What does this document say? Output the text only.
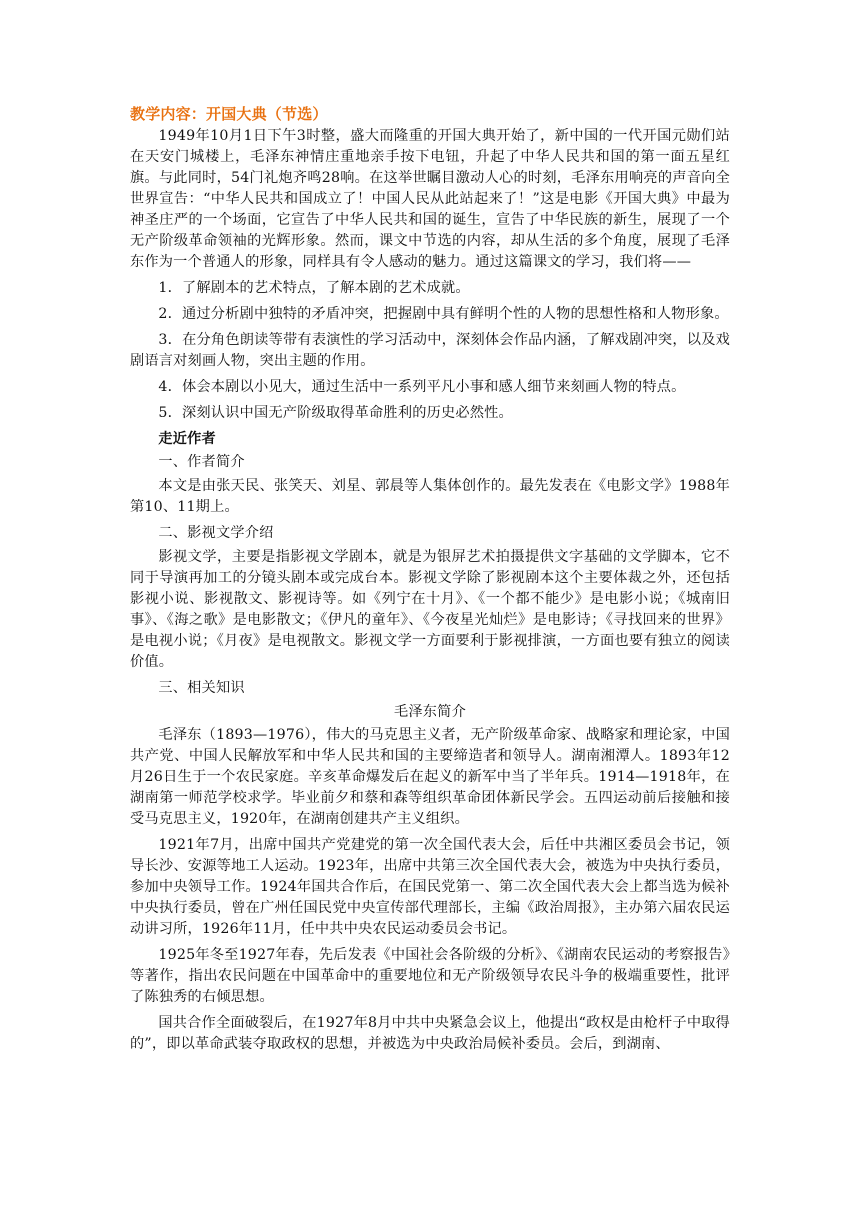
教学内容：开国大典（节选）

1949年10月1日下午3时整，盛大而隆重的开国大典开始了，新中国的一代开国元勋们站在天安门城楼上，毛泽东神情庄重地亲手按下电钮，升起了中华人民共和国的第一面五星红旗。与此同时，54门礼炮齐鸣28响。在这举世瞩目激动人心的时刻，毛泽东用响亮的声音向全世界宣告：“中华人民共和国成立了！中国人民从此站起来了！”这是电影《开国大典》中最为神圣庄严的一个场面，它宣告了中华人民共和国的诞生，宣告了中华民族的新生，展现了一个无产阶级革命领袖的光辉形象。然而，课文中节选的内容，却从生活的多个角度，展现了毛泽东作为一个普通人的形象，同样具有令人感动的魅力。通过这篇课文的学习，我们将——

1．了解剧本的艺术特点，了解本剧的艺术成就。

2．通过分析剧中独特的矛盾冲突，把握剧中具有鲜明个性的人物的思想性格和人物形象。

3．在分角色朗读等带有表演性的学习活动中，深刻体会作品内涵，了解戏剧冲突，以及戏剧语言对刻画人物，突出主题的作用。

4．体会本剧以小见大，通过生活中一系列平凡小事和感人细节来刻画人物的特点。

5．深刻认识中国无产阶级取得革命胜利的历史必然性。

走近作者
一、作者简介

本文是由张天民、张笑天、刘星、郭晨等人集体创作的。最先发表在《电影文学》1988年第10、11期上。

二、影视文学介绍

影视文学，主要是指影视文学剧本，就是为银屏艺术拍摄提供文字基础的文学脚本，它不同于导演再加工的分镜头剧本或完成台本。影视文学除了影视剧本这个主要体裁之外，还包括影视小说、影视散文、影视诗等。如《列宁在十月》、《一个都不能少》是电影小说；《城南旧事》、《海之歌》是电影散文；《伊凡的童年》、《今夜星光灿烂》是电影诗；《寻找回来的世界》是电视小说；《月夜》是电视散文。影视文学一方面要利于影视排演，一方面也要有独立的阅读价值。

三、相关知识
毛泽东简介

毛泽东（1893—1976），伟大的马克思主义者，无产阶级革命家、战略家和理论家，中国共产党、中国人民解放军和中华人民共和国的主要缔造者和领导人。湖南湘潭人。1893年12月26日生于一个农民家庭。辛亥革命爆发后在起义的新军中当了半年兵。1914—1918年，在湖南第一师范学校求学。毕业前夕和蔡和森等组织革命团体新民学会。五四运动前后接触和接受马克思主义，1920年，在湖南创建共产主义组织。

1921年7月，出席中国共产党建党的第一次全国代表大会，后任中共湘区委员会书记，领导长沙、安源等地工人运动。1923年，出席中共第三次全国代表大会，被选为中央执行委员，参加中央领导工作。1924年国共合作后，在国民党第一、第二次全国代表大会上都当选为候补中央执行委员，曾在广州任国民党中央宣传部代理部长，主编《政治周报》，主办第六届农民运动讲习所，1926年11月，任中共中央农民运动委员会书记。

1925年冬至1927年春，先后发表《中国社会各阶级的分析》、《湖南农民运动的考察报告》等著作，指出农民问题在中国革命中的重要地位和无产阶级领导农民斗争的极端重要性，批评了陈独秀的右倾思想。

国共合作全面破裂后，在1927年8月中共中央紧急会议上，他提出“政权是由枪杆子中取得的”，即以革命武装夺取政权的思想，并被选为中央政治局候补委员。会后，到湖南、
